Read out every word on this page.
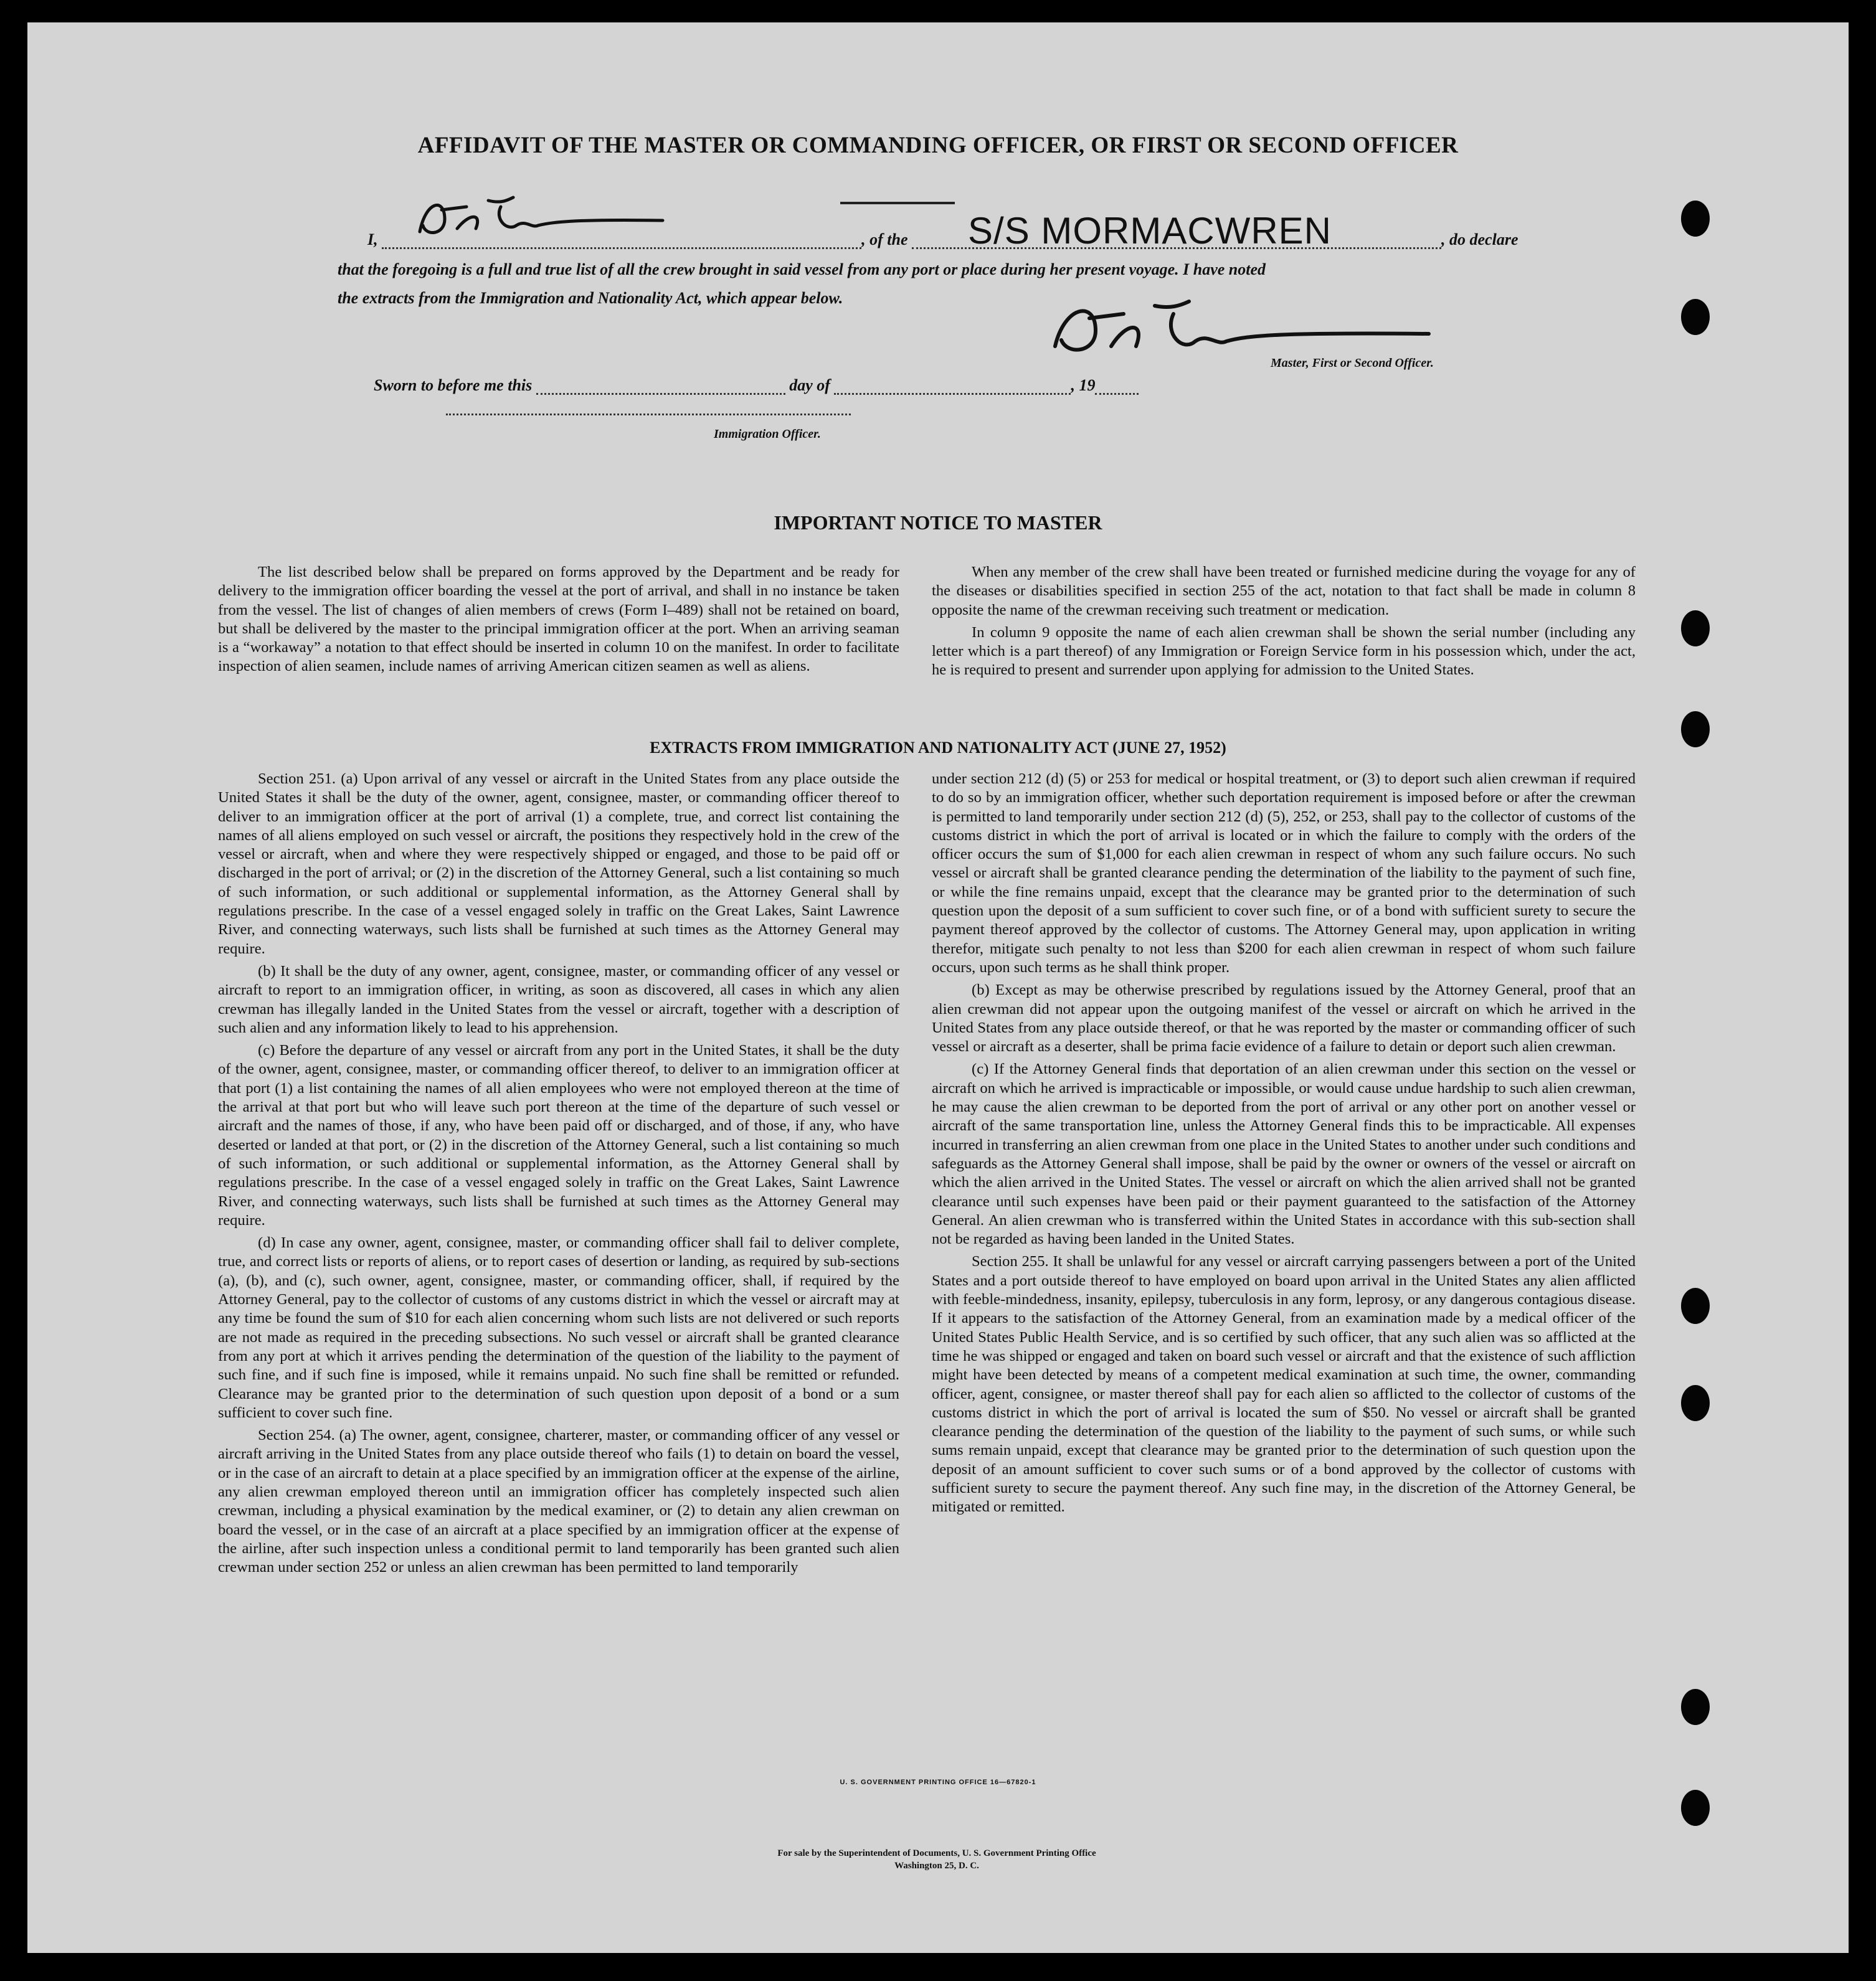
AFFIDAVIT OF THE MASTER OR COMMANDING OFFICER, OR FIRST OR SECOND OFFICER
I,	, of the	, do declare
S/S MORMACWREN
that the foregoing is a full and true list of all the crew brought in said vessel from any port or place during her present voyage. I have noted
the extracts from the Immigration and Nationality Act, which appear below.
Master, First or Second Officer.
Sworn to before me this	day of	, 19
Immigration Officer.
IMPORTANT NOTICE TO MASTER

The list described below shall be prepared on forms approved by the Department and be ready for delivery to the immigration officer boarding the vessel at the port of arrival, and shall in no instance be taken from the vessel. The list of changes of alien members of crews (Form I–489) shall not be retained on board, but shall be delivered by the master to the principal immigration officer at the port. When an arriving seaman is a “workaway” a notation to that effect should be inserted in column 10 on the manifest. In order to facilitate inspection of alien seamen, include names of arriving American citizen seamen as well as aliens.

When any member of the crew shall have been treated or furnished medicine during the voyage for any of the diseases or disabilities specified in section 255 of the act, notation to that fact shall be made in column 8 opposite the name of the crewman receiving such treatment or medication.

In column 9 opposite the name of each alien crewman shall be shown the serial number (including any letter which is a part thereof) of any Immigration or Foreign Service form in his possession which, under the act, he is required to present and surrender upon applying for admission to the United States.

EXTRACTS FROM IMMIGRATION AND NATIONALITY ACT (JUNE 27, 1952)

Section 251. (a) Upon arrival of any vessel or aircraft in the United States from any place outside the United States it shall be the duty of the owner, agent, consignee, master, or commanding officer thereof to deliver to an immigration officer at the port of arrival (1) a complete, true, and correct list containing the names of all aliens employed on such vessel or aircraft, the positions they respectively hold in the crew of the vessel or aircraft, when and where they were respectively shipped or engaged, and those to be paid off or discharged in the port of arrival; or (2) in the discretion of the Attorney General, such a list containing so much of such information, or such additional or supplemental information, as the Attorney General shall by regulations prescribe. In the case of a vessel engaged solely in traffic on the Great Lakes, Saint Lawrence River, and connecting waterways, such lists shall be furnished at such times as the Attorney General may require.

(b) It shall be the duty of any owner, agent, consignee, master, or commanding officer of any vessel or aircraft to report to an immigration officer, in writing, as soon as discovered, all cases in which any alien crewman has illegally landed in the United States from the vessel or aircraft, together with a description of such alien and any information likely to lead to his apprehension.

(c) Before the departure of any vessel or aircraft from any port in the United States, it shall be the duty of the owner, agent, consignee, master, or commanding officer thereof, to deliver to an immigration officer at that port (1) a list containing the names of all alien employees who were not employed thereon at the time of the arrival at that port but who will leave such port thereon at the time of the departure of such vessel or aircraft and the names of those, if any, who have been paid off or discharged, and of those, if any, who have deserted or landed at that port, or (2) in the discretion of the Attorney General, such a list containing so much of such information, or such additional or supplemental information, as the Attorney General shall by regulations prescribe. In the case of a vessel engaged solely in traffic on the Great Lakes, Saint Lawrence River, and connecting waterways, such lists shall be furnished at such times as the Attorney General may require.

(d) In case any owner, agent, consignee, master, or commanding officer shall fail to deliver complete, true, and correct lists or reports of aliens, or to report cases of desertion or landing, as required by sub-sections (a), (b), and (c), such owner, agent, consignee, master, or commanding officer, shall, if required by the Attorney General, pay to the collector of customs of any customs district in which the vessel or aircraft may at any time be found the sum of $10 for each alien concerning whom such lists are not delivered or such reports are not made as required in the preceding subsections. No such vessel or aircraft shall be granted clearance from any port at which it arrives pending the determination of the question of the liability to the payment of such fine, and if such fine is imposed, while it remains unpaid. No such fine shall be remitted or refunded. Clearance may be granted prior to the determination of such question upon deposit of a bond or a sum sufficient to cover such fine.

Section 254. (a) The owner, agent, consignee, charterer, master, or commanding officer of any vessel or aircraft arriving in the United States from any place outside thereof who fails (1) to detain on board the vessel, or in the case of an aircraft to detain at a place specified by an immigration officer at the expense of the airline, any alien crewman employed thereon until an immigration officer has completely inspected such alien crewman, including a physical examination by the medical examiner, or (2) to detain any alien crewman on board the vessel, or in the case of an aircraft at a place specified by an immigration officer at the expense of the airline, after such inspection unless a conditional permit to land temporarily has been granted such alien crewman under section 252 or unless an alien crewman has been permitted to land temporarily

under section 212 (d) (5) or 253 for medical or hospital treatment, or (3) to deport such alien crewman if required to do so by an immigration officer, whether such deportation requirement is imposed before or after the crewman is permitted to land temporarily under section 212 (d) (5), 252, or 253, shall pay to the collector of customs of the customs district in which the port of arrival is located or in which the failure to comply with the orders of the officer occurs the sum of $1,000 for each alien crewman in respect of whom any such failure occurs. No such vessel or aircraft shall be granted clearance pending the determination of the liability to the payment of such fine, or while the fine remains unpaid, except that the clearance may be granted prior to the determination of such question upon the deposit of a sum sufficient to cover such fine, or of a bond with sufficient surety to secure the payment thereof approved by the collector of customs. The Attorney General may, upon application in writing therefor, mitigate such penalty to not less than $200 for each alien crewman in respect of whom such failure occurs, upon such terms as he shall think proper.

(b) Except as may be otherwise prescribed by regulations issued by the Attorney General, proof that an alien crewman did not appear upon the outgoing manifest of the vessel or aircraft on which he arrived in the United States from any place outside thereof, or that he was reported by the master or commanding officer of such vessel or aircraft as a deserter, shall be prima facie evidence of a failure to detain or deport such alien crewman.

(c) If the Attorney General finds that deportation of an alien crewman under this section on the vessel or aircraft on which he arrived is impracticable or impossible, or would cause undue hardship to such alien crewman, he may cause the alien crewman to be deported from the port of arrival or any other port on another vessel or aircraft of the same transportation line, unless the Attorney General finds this to be impracticable. All expenses incurred in transferring an alien crewman from one place in the United States to another under such conditions and safeguards as the Attorney General shall impose, shall be paid by the owner or owners of the vessel or aircraft on which the alien arrived in the United States. The vessel or aircraft on which the alien arrived shall not be granted clearance until such expenses have been paid or their payment guaranteed to the satisfaction of the Attorney General. An alien crewman who is transferred within the United States in accordance with this sub-section shall not be regarded as having been landed in the United States.

Section 255. It shall be unlawful for any vessel or aircraft carrying passengers between a port of the United States and a port outside thereof to have employed on board upon arrival in the United States any alien afflicted with feeble-mindedness, insanity, epilepsy, tuberculosis in any form, leprosy, or any dangerous contagious disease. If it appears to the satisfaction of the Attorney General, from an examination made by a medical officer of the United States Public Health Service, and is so certified by such officer, that any such alien was so afflicted at the time he was shipped or engaged and taken on board such vessel or aircraft and that the existence of such affliction might have been detected by means of a competent medical examination at such time, the owner, commanding officer, agent, consignee, or master thereof shall pay for each alien so afflicted to the collector of customs of the customs district in which the port of arrival is located the sum of $50. No vessel or aircraft shall be granted clearance pending the determination of the question of the liability to the payment of such sums, or while such sums remain unpaid, except that clearance may be granted prior to the determination of such question upon the deposit of an amount sufficient to cover such sums or of a bond approved by the collector of customs with sufficient surety to secure the payment thereof. Any such fine may, in the discretion of the Attorney General, be mitigated or remitted.

U. S. GOVERNMENT PRINTING OFFICE 16—67820-1
For sale by the Superintendent of Documents, U. S. Government Printing Office
Washington 25, D. C.
